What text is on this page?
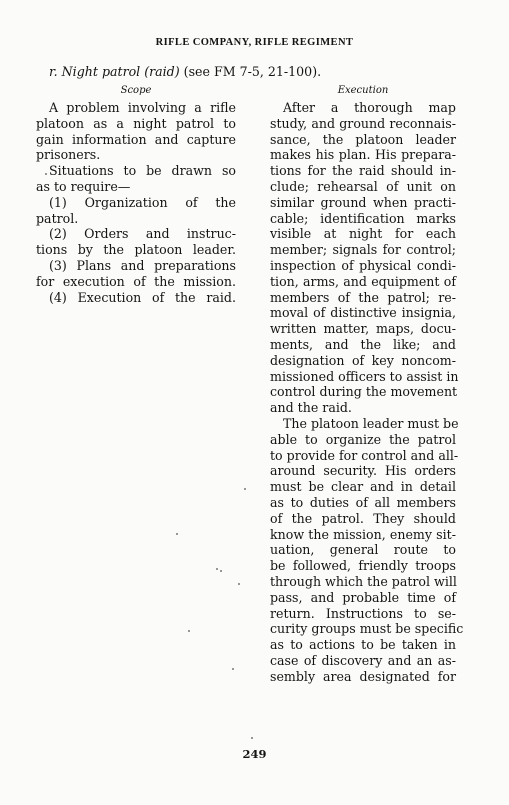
RIFLE COMPANY, RIFLE REGIMENT
r. Night patrol (raid) (see FM 7-5, 21-100).
Scope	Execution
A problem involving a rifle
platoon as a night patrol to
gain information and capture
prisoners.
Situations to be drawn so
as to require—
(1) Organization of the
patrol.
(2) Orders and instruc-
tions by the platoon leader.
(3) Plans and preparations
for execution of the mission.
(4) Execution of the raid.
After a thorough map
study, and ground reconnais-
sance, the platoon leader
makes his plan. His prepara-
tions for the raid should in-
clude; rehearsal of unit on
similar ground when practi-
cable; identification marks
visible at night for each
member; signals for control;
inspection of physical condi-
tion, arms, and equipment of
members of the patrol; re-
moval of distinctive insignia,
written matter, maps, docu-
ments, and the like; and
designation of key noncom-
missioned officers to assist in
control during the movement
and the raid.
The platoon leader must be
able to organize the patrol
to provide for control and all-
around security. His orders
must be clear and in detail
as to duties of all members
of the patrol. They should
know the mission, enemy sit-
uation, general route to
be followed, friendly troops
through which the patrol will
pass, and probable time of
return. Instructions to se-
curity groups must be specific
as to actions to be taken in
case of discovery and an as-
sembly area designated for
249
